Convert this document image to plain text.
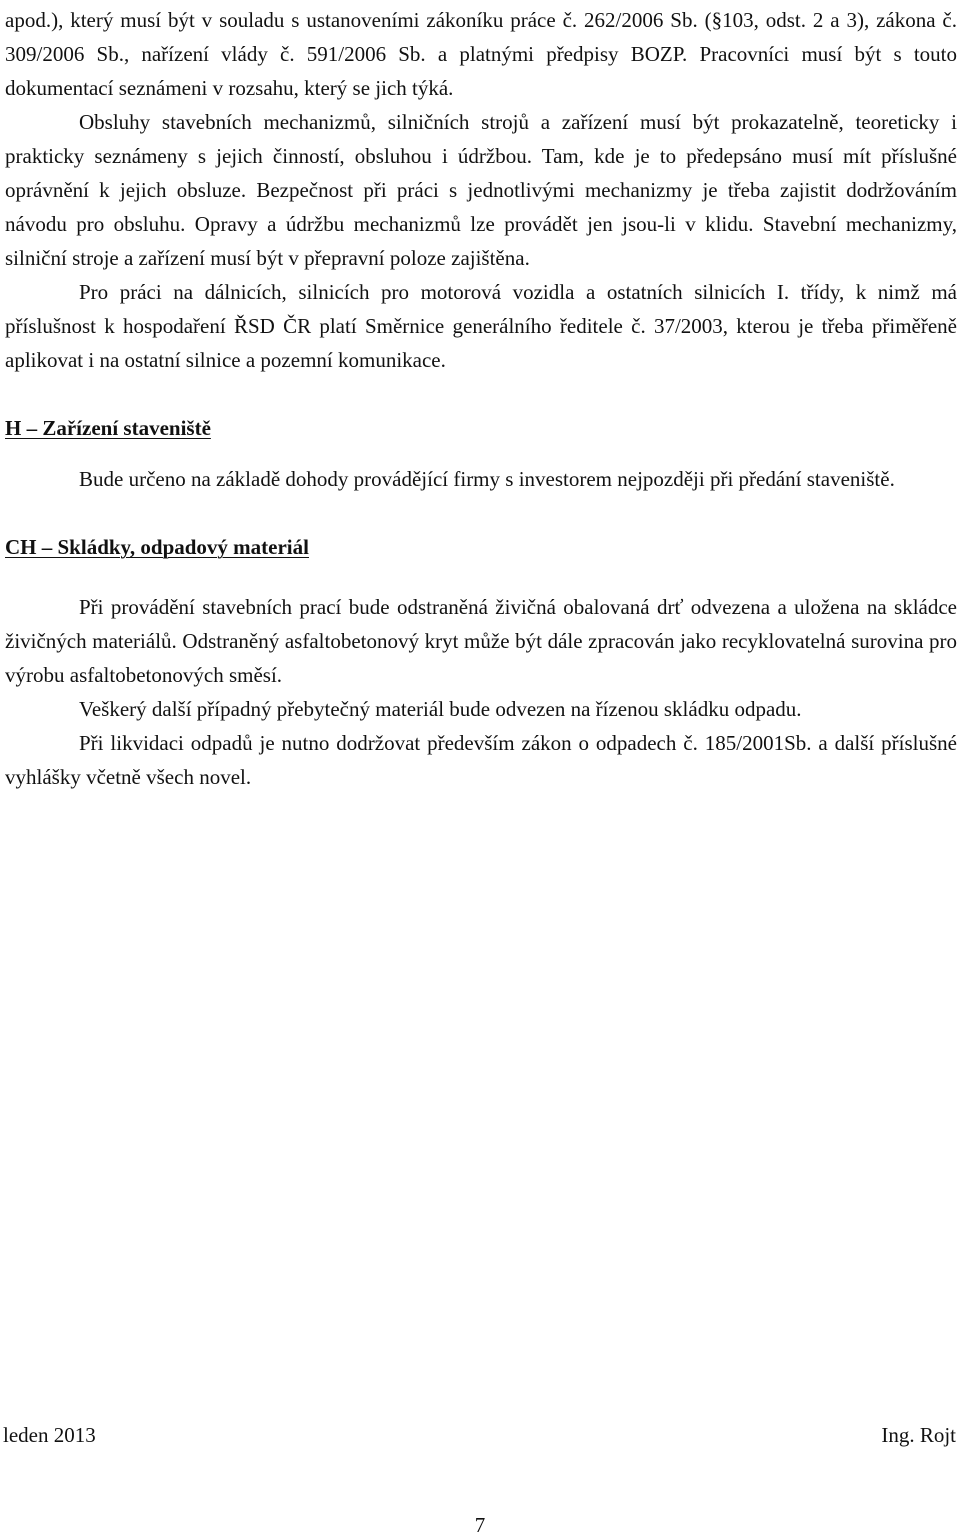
apod.), který musí být v souladu s ustanoveními zákoníku práce č. 262/2006 Sb. (§103, odst. 2 a 3), zákona č. 309/2006 Sb., nařízení vlády č. 591/2006 Sb. a platnými předpisy BOZP. Pracovníci musí být s touto dokumentací seznámeni v rozsahu, který se jich týká.

Obsluhy stavebních mechanizmů, silničních strojů a zařízení musí být prokazatelně, teoreticky i prakticky seznámeny s jejich činností, obsluhou i údržbou. Tam, kde je to předepsáno musí mít příslušné oprávnění k jejich obsluze. Bezpečnost při práci s jednotlivými mechanizmy je třeba zajistit dodržováním návodu pro obsluhu. Opravy a údržbu mechanizmů lze provádět jen jsou-li v klidu. Stavební mechanizmy, silniční stroje a zařízení musí být v přepravní poloze zajištěna.

Pro práci na dálnicích, silnicích pro motorová vozidla a ostatních silnicích I. třídy, k nimž má příslušnost k hospodaření ŘSD ČR platí Směrnice generálního ředitele č. 37/2003, kterou je třeba přiměřeně aplikovat i na ostatní silnice a pozemní komunikace.

H – Zařízení staveniště

Bude určeno na základě dohody provádějící firmy s investorem nejpozději při předání staveniště.

CH – Skládky, odpadový materiál

Při provádění stavebních prací bude odstraněná živičná obalovaná drť odvezena a uložena na skládce živičných materiálů. Odstraněný asfaltobetonový kryt může být dále zpracován jako recyklovatelná surovina pro výrobu asfaltobetonových směsí.

Veškerý další případný přebytečný materiál bude odvezen na řízenou skládku odpadu.

Při likvidaci odpadů je nutno dodržovat především zákon o odpadech č. 185/2001Sb. a další příslušné vyhlášky včetně všech novel.

leden 2013	Ing. Rojt
7
